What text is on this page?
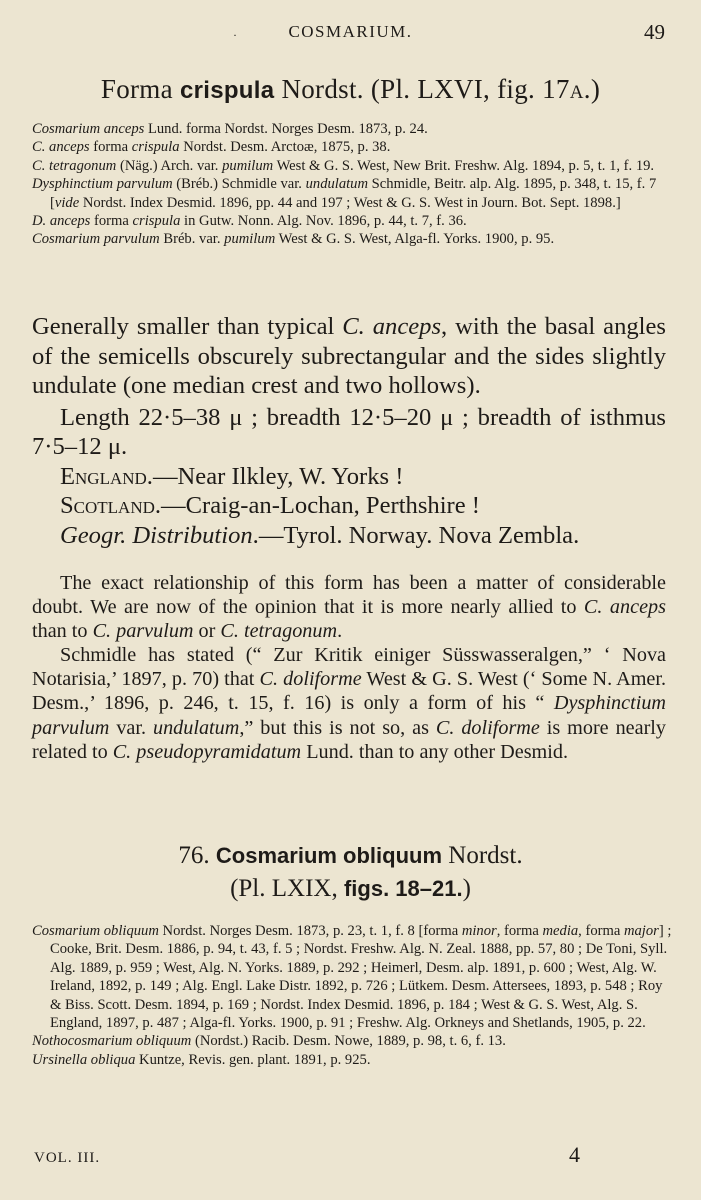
·	COSMARIUM.	49
Forma crispula Nordst. (Pl. LXVI, fig. 17a.)

Cosmarium anceps Lund. forma Nordst. Norges Desm. 1873, p. 24.

C. anceps forma crispula Nordst. Desm. Arctoæ, 1875, p. 38.

C. tetragonum (Näg.) Arch. var. pumilum West & G. S. West, New Brit. Freshw. Alg. 1894, p. 5, t. 1, f. 19.

Dysphinctium parvulum (Bréb.) Schmidle var. undulatum Schmidle, Beitr. alp. Alg. 1895, p. 348, t. 15, f. 7 [vide Nordst. Index Desmid. 1896, pp. 44 and 197 ; West & G. S. West in Journ. Bot. Sept. 1898.]

D. anceps forma crispula in Gutw. Nonn. Alg. Nov. 1896, p. 44, t. 7, f. 36.

Cosmarium parvulum Bréb. var. pumilum West & G. S. West, Alga-fl. Yorks. 1900, p. 95.

Generally smaller than typical C. anceps, with the basal angles of the semicells obscurely subrectangular and the sides slightly undulate (one median crest and two hollows).

Length 22·5–38 μ ; breadth 12·5–20 μ ; breadth of isthmus 7·5–12 μ.

England.—Near Ilkley, W. Yorks !

Scotland.—Craig-an-Lochan, Perthshire !

Geogr. Distribution.—Tyrol. Norway. Nova Zembla.

The exact relationship of this form has been a matter of considerable doubt. We are now of the opinion that it is more nearly allied to C. anceps than to C. parvulum or C. tetragonum.

Schmidle has stated (“ Zur Kritik einiger Süsswasseralgen,” ‘ Nova Notarisia,’ 1897, p. 70) that C. doliforme West & G. S. West (‘ Some N. Amer. Desm.,’ 1896, p. 246, t. 15, f. 16) is only a form of his “ Dysphinctium parvulum var. undulatum,” but this is not so, as C. doliforme is more nearly related to C. pseudopyramidatum Lund. than to any other Desmid.

76. Cosmarium obliquum Nordst.
(Pl. LXIX, figs. 18–21.)

Cosmarium obliquum Nordst. Norges Desm. 1873, p. 23, t. 1, f. 8 [forma minor, forma media, forma major] ; Cooke, Brit. Desm. 1886, p. 94, t. 43, f. 5 ; Nordst. Freshw. Alg. N. Zeal. 1888, pp. 57, 80 ; De Toni, Syll. Alg. 1889, p. 959 ; West, Alg. N. Yorks. 1889, p. 292 ; Heimerl, Desm. alp. 1891, p. 600 ; West, Alg. W. Ireland, 1892, p. 149 ; Alg. Engl. Lake Distr. 1892, p. 726 ; Lütkem. Desm. Attersees, 1893, p. 548 ; Roy & Biss. Scott. Desm. 1894, p. 169 ; Nordst. Index Desmid. 1896, p. 184 ; West & G. S. West, Alg. S. England, 1897, p. 487 ; Alga-fl. Yorks. 1900, p. 91 ; Freshw. Alg. Orkneys and Shetlands, 1905, p. 22.

Nothocosmarium obliquum (Nordst.) Racib. Desm. Nowe, 1889, p. 98, t. 6, f. 13.

Ursinella obliqua Kuntze, Revis. gen. plant. 1891, p. 925.

VOL. III.	4
